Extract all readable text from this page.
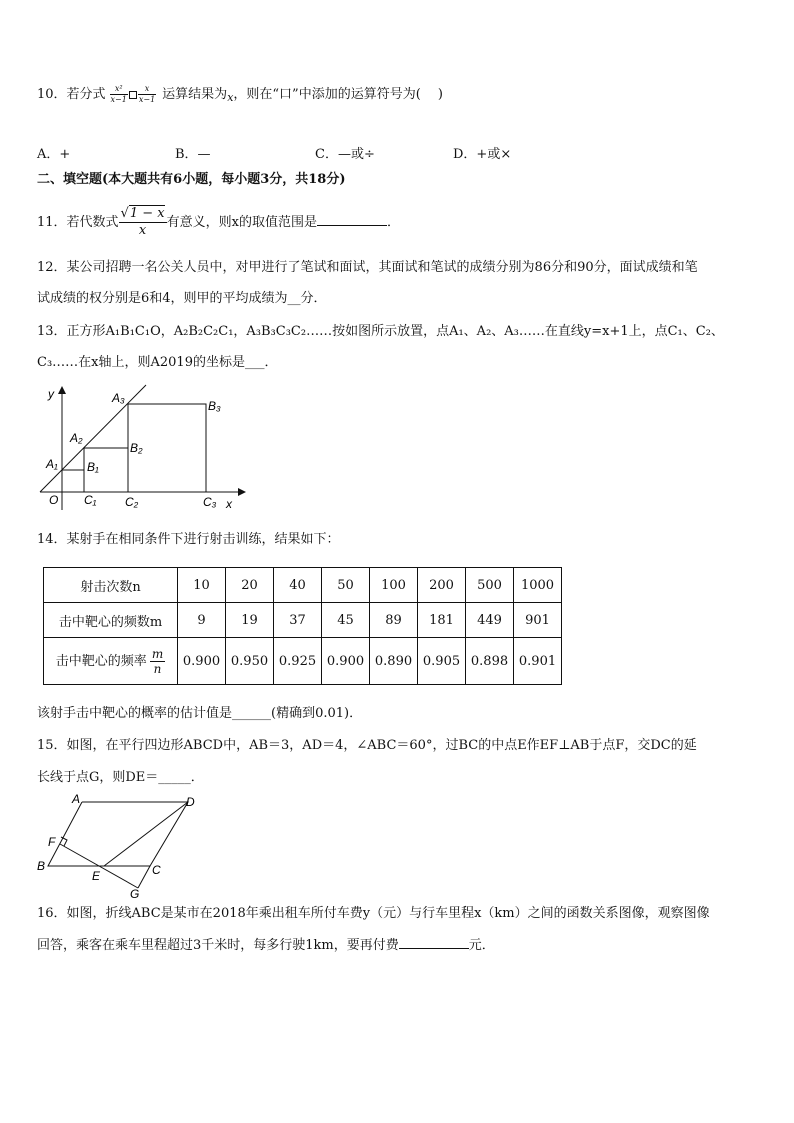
10．若分式 $\frac{\text{x²}}{x-1} \frac{x}{x-1}$ 运算结果为$_x$，则在“口”中添加的运算符号为(　 )
A．+	B．—	C．—或÷	D．+或×
二、填空题(本大题共有6小题，每小题3分，共18分)
11．若代数式 $\frac{√1 - x}{x}$ 有意义，则x的取值范围是	．
12．某公司招聘一名公关人员中，对甲进行了笔试和面试，其面试和笔试的成绩分别为86分和90分，面试成绩和笔
试成绩的权分别是6和4，则甲的平均成绩为__分．
13．正方形A₁B₁C₁O，A₂B₂C₂C₁，A₃B₃C₃C₂……按如图所示放置，点A₁、A₂、A₃……在直线y=x+1上，点C₁、C₂、
C₃……在x轴上，则A2019的坐标是___．
y
x
O
A₁
A₂
A₃
B₁
B₂
B₃
C₁ C₂	C₃
14．某射手在相同条件下进行射击训练，结果如下：
射击次数n	10	20	40	50	100	200	500	1000
击中靶心的频数m	9	19	37	45	89	181	449	901
击中靶心的频率 $\frac{m}{n}$	0.900	0.950	0.925	0.900	0.890	0.905	0.898	0.901
该射手击中靶心的概率的估计值是______(精确到0.01)．
15．如图，在平行四边形ABCD中，AB＝3，AD＝4，∠ABC＝60°，过BC的中点E作EF⊥AB于点F，交DC的延
长线于点G，则DE＝_____．
A	D
F
B
E	C
G
16．如图，折线ABC是某市在2018年乘出租车所付车费y（元）与行车里程x（km）之间的函数关系图像，观察图像
回答，乘客在乘车里程超过3千米时，每多行驶1km，要再付费	元．
